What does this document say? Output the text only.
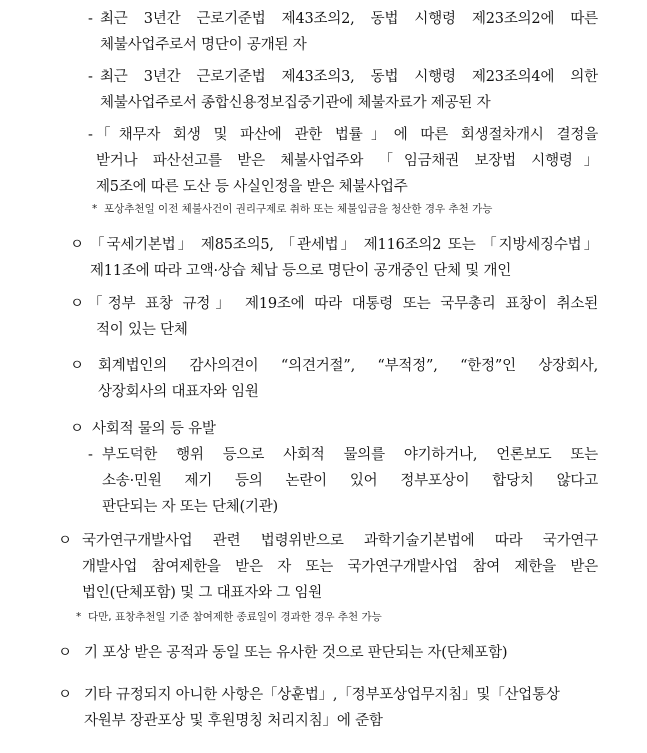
- 최근 3년간 근로기준법 제43조의2, 동법 시행령 제23조의2에 따른
체불사업주로서 명단이 공개된 자
- 최근 3년간 근로기준법 제43조의3, 동법 시행령 제23조의4에 의한
체불사업주로서 종합신용정보집중기관에 체불자료가 제공된 자
- 「채무자 회생 및 파산에 관한 법률」에 따른 회생절차개시 결정을
받거나 파산선고를 받은 체불사업주와 「임금채권 보장법 시행령」
제5조에 따른 도산 등 사실인정을 받은 체불사업주
* 포상추천일 이전 체불사건이 권리구제로 취하 또는 체불임금을 청산한 경우 추천 가능
ㅇ 「국세기본법」 제85조의5, 「관세법」 제116조의2 또는 「지방세징수법」
제11조에 따라 고액·상습 체납 등으로 명단이 공개중인 단체 및 개인
ㅇ 「정부 표창 규정」 제19조에 따라 대통령 또는 국무총리 표창이 취소된
적이 있는 단체
ㅇ 회계법인의 감사의견이 “의견거절”, “부적정”, “한정”인 상장회사,
상장회사의 대표자와 임원
ㅇ 사회적 물의 등 유발
- 부도덕한 행위 등으로 사회적 물의를 야기하거나, 언론보도 또는
소송·민원 제기 등의 논란이 있어 정부포상이 합당치 않다고
판단되는 자 또는 단체(기관)
ㅇ 국가연구개발사업 관련 법령위반으로 과학기술기본법에 따라 국가연구
개발사업 참여제한을 받은 자 또는 국가연구개발사업 참여 제한을 받은
법인(단체포함) 및 그 대표자와 그 임원
* 다만, 표창추천일 기준 참여제한 종료일이 경과한 경우 추천 가능
ㅇ 기 포상 받은 공적과 동일 또는 유사한 것으로 판단되는 자(단체포함)
ㅇ 기타 규정되지 아니한 사항은「상훈법」,「정부포상업무지침」및「산업통상
자원부 장관포상 및 후원명칭 처리지침」에 준함
